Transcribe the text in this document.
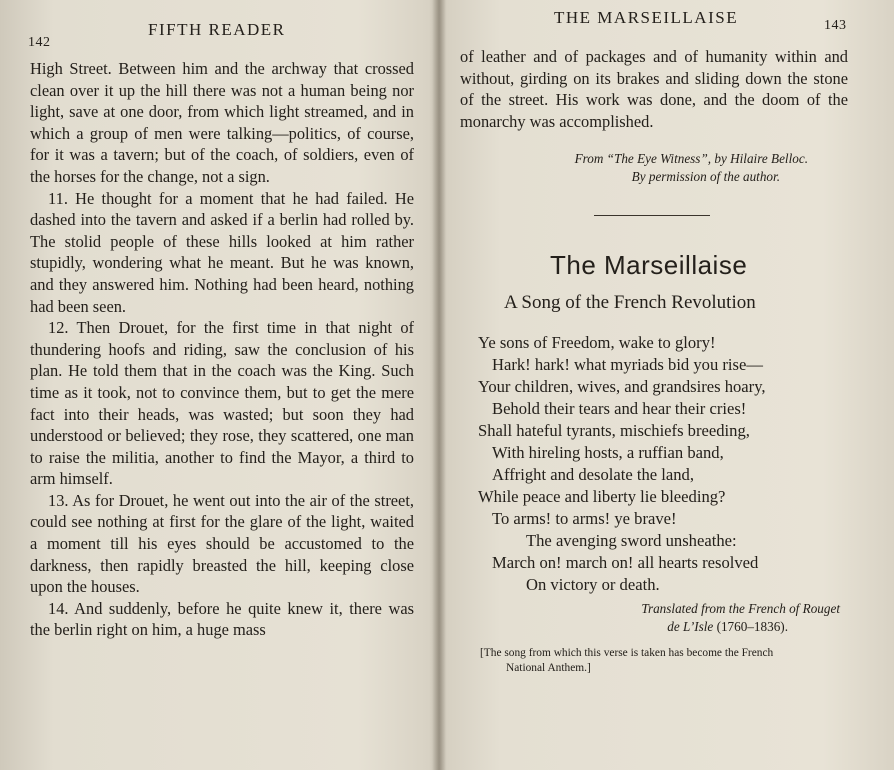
142
FIFTH READER

High Street. Between him and the archway that crossed clean over it up the hill there was not a human being nor light, save at one door, from which light streamed, and in which a group of men were talking—politics, of course, for it was a tavern; but of the coach, of soldiers, even of the horses for the change, not a sign.

11. He thought for a moment that he had failed. He dashed into the tavern and asked if a berlin had rolled by. The stolid people of these hills looked at him rather stupidly, wondering what he meant. But he was known, and they answered him. Nothing had been heard, nothing had been seen.

12. Then Drouet, for the first time in that night of thundering hoofs and riding, saw the conclusion of his plan. He told them that in the coach was the King. Such time as it took, not to convince them, but to get the mere fact into their heads, was wasted; but soon they had understood or believed; they rose, they scattered, one man to raise the militia, another to find the Mayor, a third to arm himself.

13. As for Drouet, he went out into the air of the street, could see nothing at first for the glare of the light, waited a moment till his eyes should be accustomed to the darkness, then rapidly breasted the hill, keeping close upon the houses.

14. And suddenly, before he quite knew it, there was the berlin right on him, a huge mass

THE MARSEILLAISE	143

of leather and of packages and of humanity within and without, girding on its brakes and sliding down the stone of the street. His work was done, and the doom of the monarchy was accomplished.

From “The Eye Witness”, by Hilaire Belloc.
By permission of the author.
The Marseillaise
A Song of the French Revolution
Ye sons of Freedom, wake to glory!
Hark! hark! what myriads bid you rise—
Your children, wives, and grandsires hoary,
Behold their tears and hear their cries!
Shall hateful tyrants, mischiefs breeding,
With hireling hosts, a ruffian band,
Affright and desolate the land,
While peace and liberty lie bleeding?
To arms! to arms! ye brave!
The avenging sword unsheathe:
March on! march on! all hearts resolved
On victory or death.
Translated from the French of Rouget
de L’Isle (1760–1836).
[The song from which this verse is taken has become the French
National Anthem.]
